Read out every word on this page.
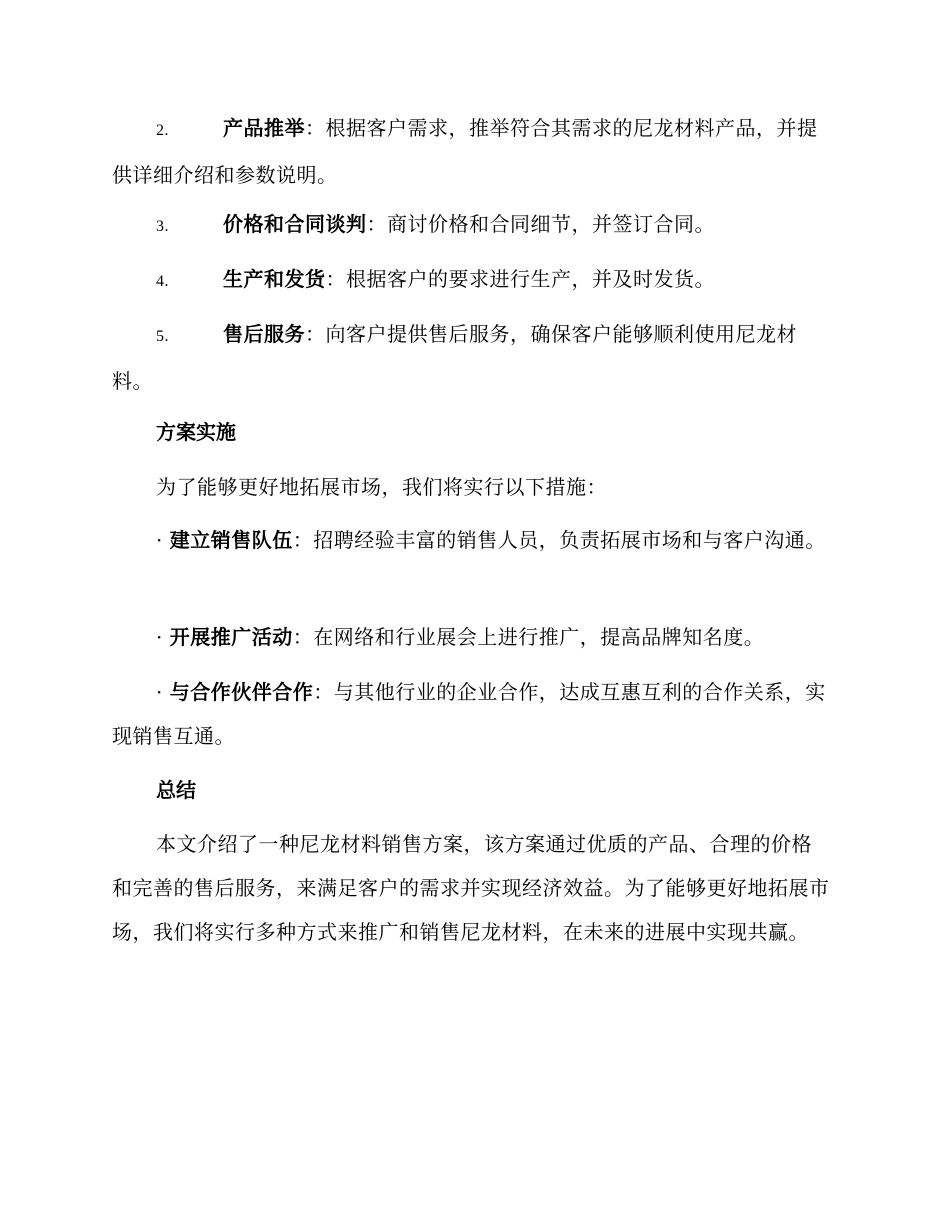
2.	产品推举：根据客户需求，推举符合其需求的尼龙材料产品，并提供详细介绍和参数说明。

3.	价格和合同谈判：商讨价格和合同细节，并签订合同。

4.	生产和发货：根据客户的要求进行生产，并及时发货。

5.	售后服务：向客户提供售后服务，确保客户能够顺利使用尼龙材料。

方案实施

为了能够更好地拓展市场，我们将实行以下措施：

· 建立销售队伍：招聘经验丰富的销售人员，负责拓展市场和与客户沟通。

· 开展推广活动：在网络和行业展会上进行推广，提高品牌知名度。

· 与合作伙伴合作：与其他行业的企业合作，达成互惠互利的合作关系，实现销售互通。

总结

本文介绍了一种尼龙材料销售方案，该方案通过优质的产品、合理的价格和完善的售后服务，来满足客户的需求并实现经济效益。为了能够更好地拓展市场，我们将实行多种方式来推广和销售尼龙材料，在未来的进展中实现共赢。
